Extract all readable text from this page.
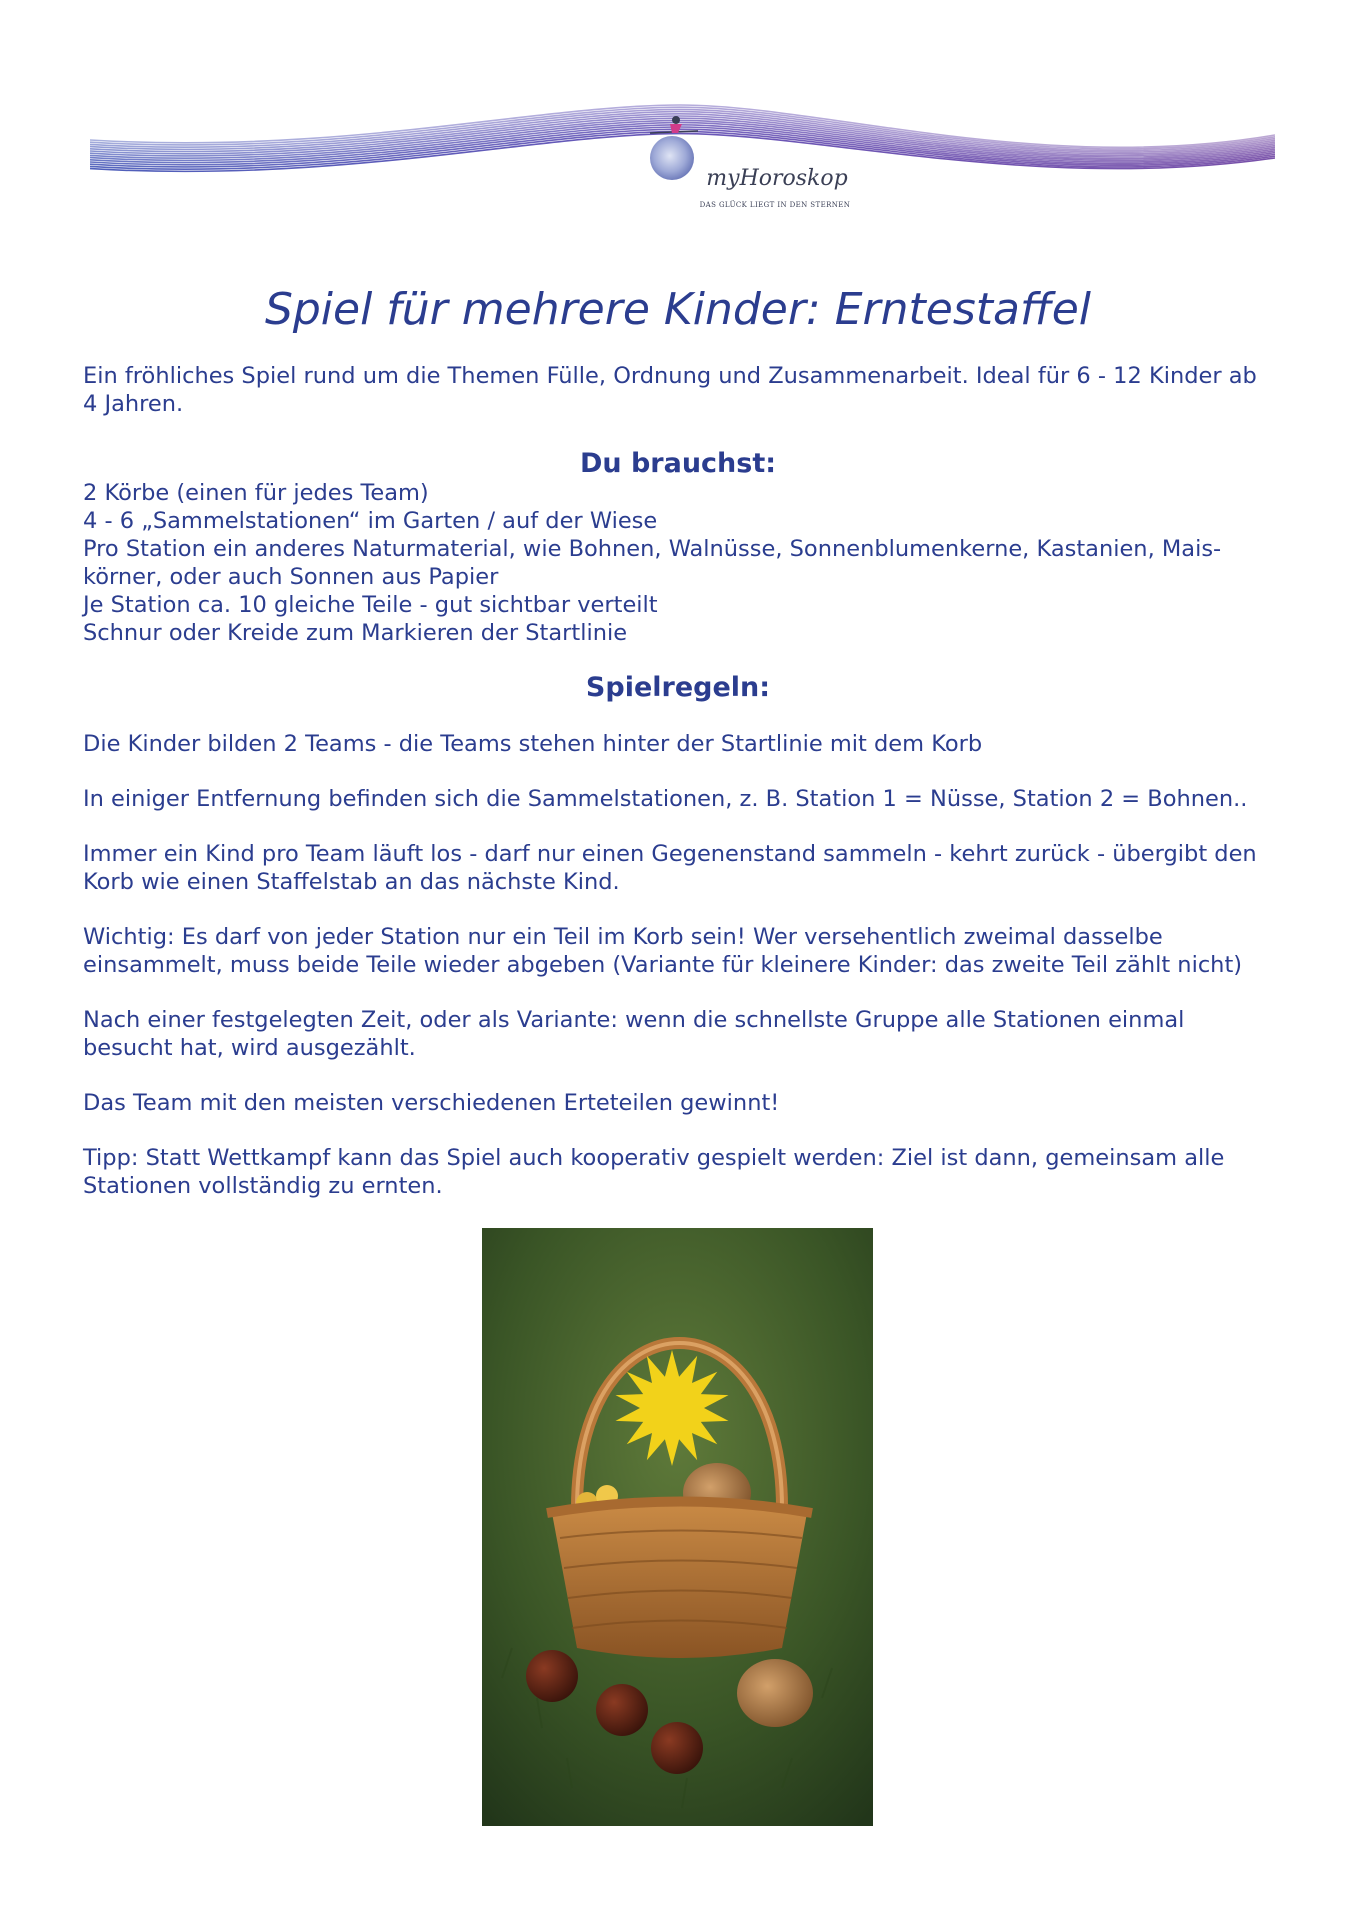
myHoroskop
DAS GLÜCK LIEGT IN DEN STERNEN
Spiel für mehrere Kinder: Erntestaffel
Ein fröhliches Spiel rund um die Themen Fülle, Ordnung und Zusammenarbeit. Ideal für 6 - 12 Kinder ab 4 Jahren.
Du brauchst:
2 Körbe (einen für jedes Team)
4 - 6 „Sammelstationen“ im Garten / auf der Wiese
Pro Station ein anderes Naturmaterial, wie Bohnen, Walnüsse, Sonnenblumenkerne, Kastanien, Mais-
körner, oder auch Sonnen aus Papier
Je Station ca. 10 gleiche Teile - gut sichtbar verteilt
Schnur oder Kreide zum Markieren der Startlinie
Spielregeln:

Die Kinder bilden 2 Teams - die Teams stehen hinter der Startlinie mit dem Korb

In einiger Entfernung befinden sich die Sammelstationen, z. B. Station 1 = Nüsse, Station 2 = Bohnen..

Immer ein Kind pro Team läuft los - darf nur einen Gegenenstand sammeln - kehrt zurück - übergibt den Korb wie einen Staffelstab an das nächste Kind.

Wichtig: Es darf von jeder Station nur ein Teil im Korb sein! Wer versehentlich zweimal dasselbe einsammelt, muss beide Teile wieder abgeben (Variante für kleinere Kinder: das zweite Teil zählt nicht)

Nach einer festgelegten Zeit, oder als Variante: wenn die schnellste Gruppe alle Stationen einmal besucht hat, wird ausgezählt.

Das Team mit den meisten verschiedenen Erteteilen gewinnt!

Tipp: Statt Wettkampf kann das Spiel auch kooperativ gespielt werden: Ziel ist dann, gemeinsam alle Stationen vollständig zu ernten.
